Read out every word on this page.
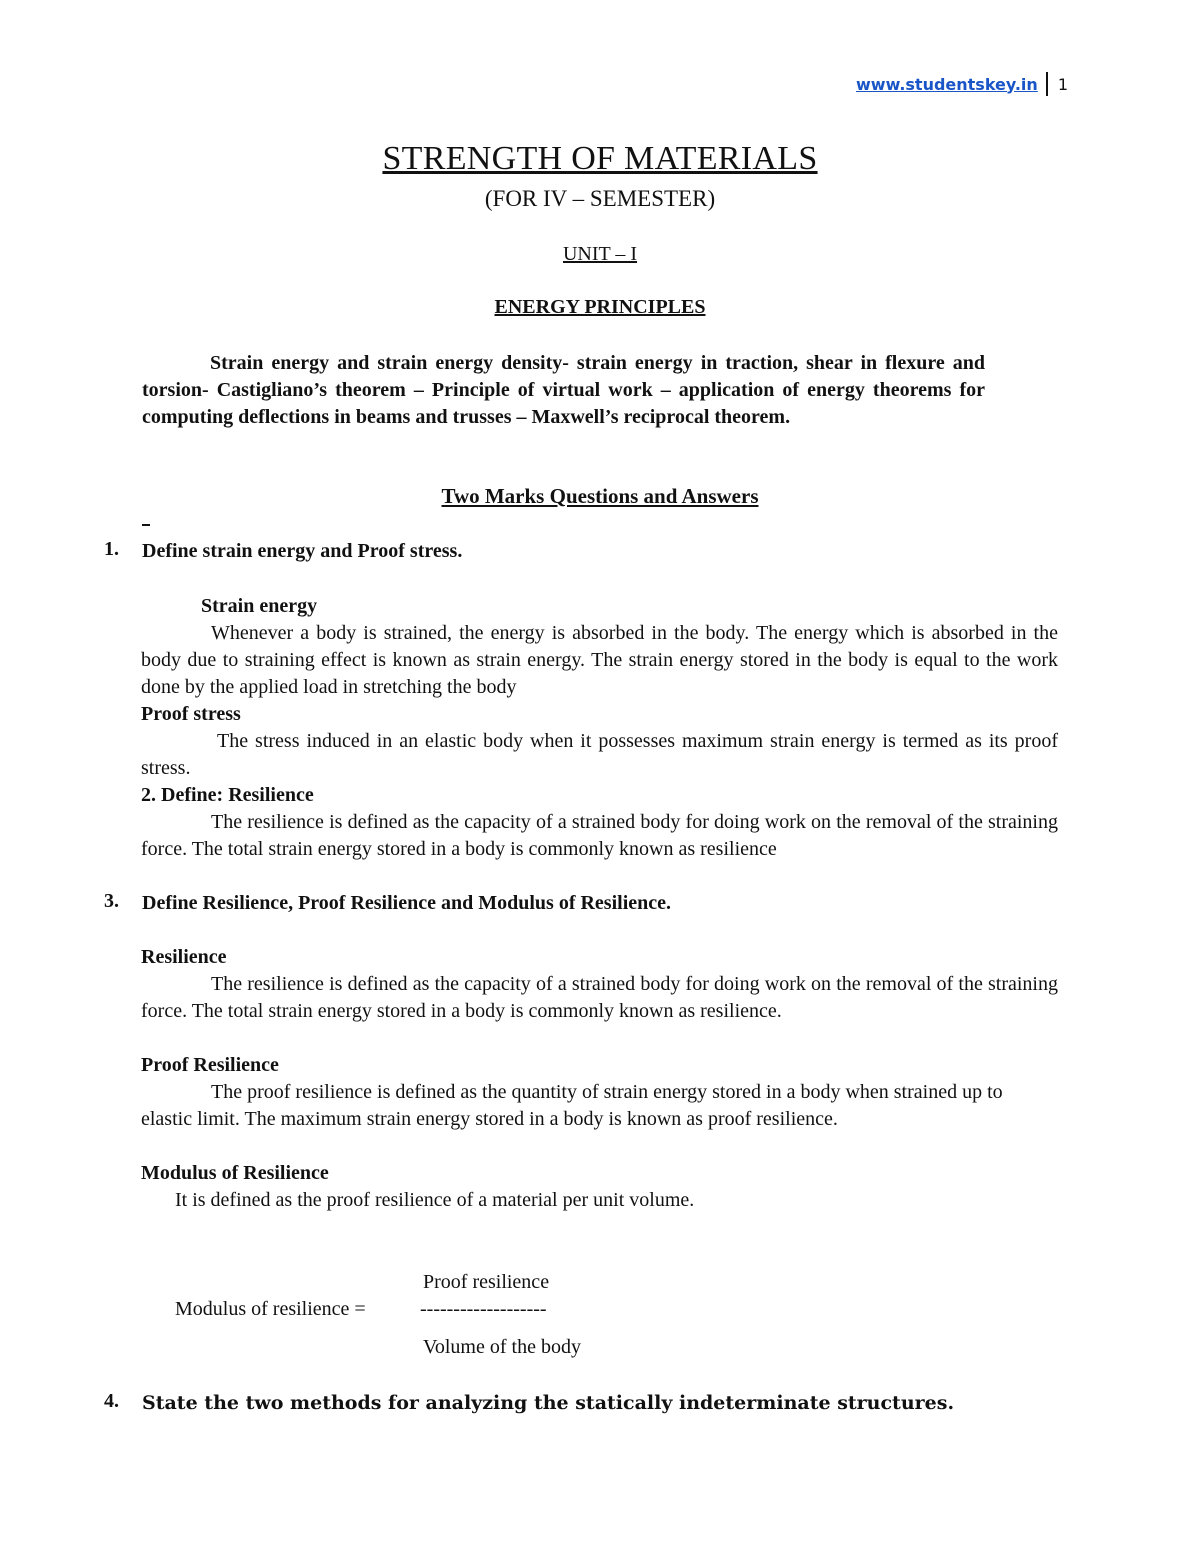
www.studentskey.in 1
STRENGTH OF MATERIALS
(FOR IV – SEMESTER)
UNIT – I
ENERGY PRINCIPLES

Strain energy and strain energy density- strain energy in traction, shear in flexure and torsion- Castigliano’s theorem – Principle of virtual work – application of energy theorems for computing deflections in beams and trusses – Maxwell’s reciprocal theorem.

Two Marks Questions and Answers
1. Define strain energy and Proof stress.
Strain energy

Whenever a body is strained, the energy is absorbed in the body. The energy which is absorbed in the body due to straining effect is known as strain energy. The strain energy stored in the body is equal to the work done by the applied load in stretching the body

Proof stress

The stress induced in an elastic body when it possesses maximum strain energy is termed as its proof stress.

2. Define: Resilience

The resilience is defined as the capacity of a strained body for doing work on the removal of the straining force. The total strain energy stored in a body is commonly known as resilience

3. Define Resilience, Proof Resilience and Modulus of Resilience.
Resilience

The resilience is defined as the capacity of a strained body for doing work on the removal of the straining force. The total strain energy stored in a body is commonly known as resilience.

Proof Resilience

The proof resilience is defined as the quantity of strain energy stored in a body when strained up to elastic limit. The maximum strain energy stored in a body is known as proof resilience.

Modulus of Resilience
It is defined as the proof resilience of a material per unit volume.
Proof resilience
Modulus of resilience =	-------------------
Volume of the body
4. State the two methods for analyzing the statically indeterminate structures.
